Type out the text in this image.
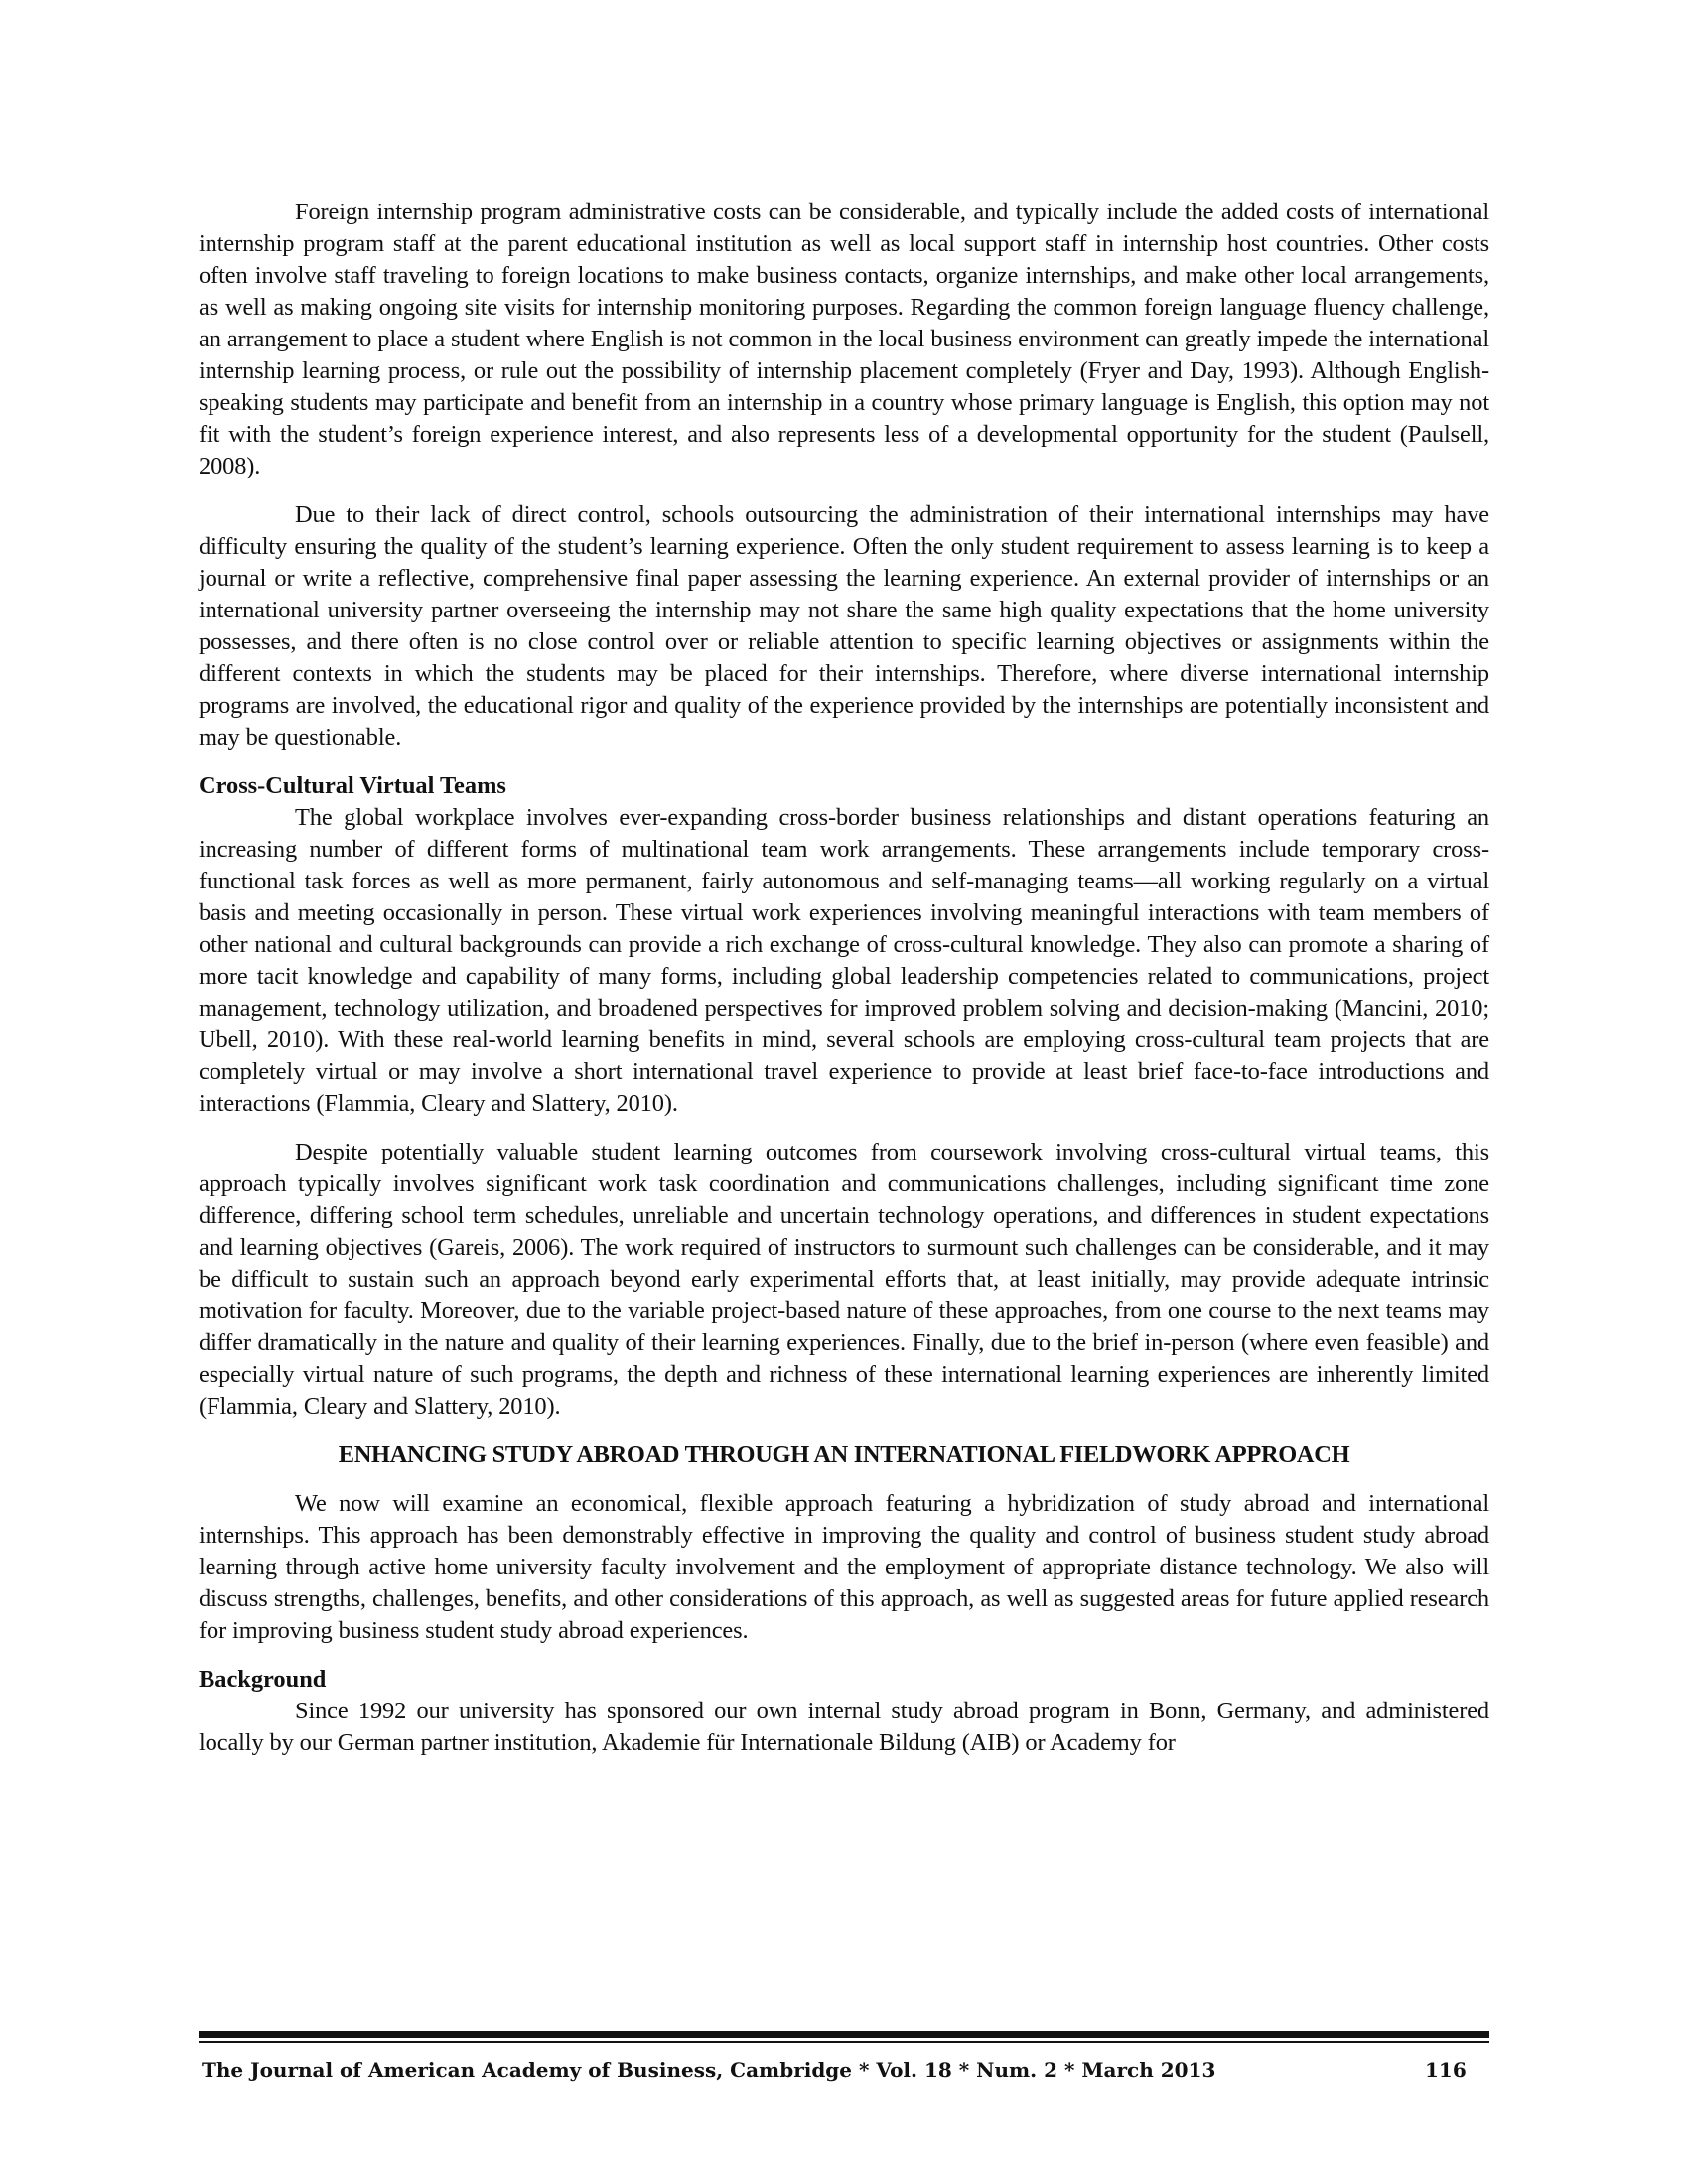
Foreign internship program administrative costs can be considerable, and typically include the added costs of international internship program staff at the parent educational institution as well as local support staff in internship host countries. Other costs often involve staff traveling to foreign locations to make business contacts, organize internships, and make other local arrangements, as well as making ongoing site visits for internship monitoring purposes. Regarding the common foreign language fluency challenge, an arrangement to place a student where English is not common in the local business environment can greatly impede the international internship learning process, or rule out the possibility of internship placement completely (Fryer and Day, 1993). Although English-speaking students may participate and benefit from an internship in a country whose primary language is English, this option may not fit with the student’s foreign experience interest, and also represents less of a developmental opportunity for the student (Paulsell, 2008).

Due to their lack of direct control, schools outsourcing the administration of their international internships may have difficulty ensuring the quality of the student’s learning experience. Often the only student requirement to assess learning is to keep a journal or write a reflective, comprehensive final paper assessing the learning experience. An external provider of internships or an international university partner overseeing the internship may not share the same high quality expectations that the home university possesses, and there often is no close control over or reliable attention to specific learning objectives or assignments within the different contexts in which the students may be placed for their internships. Therefore, where diverse international internship programs are involved, the educational rigor and quality of the experience provided by the internships are potentially inconsistent and may be questionable.

Cross-Cultural Virtual Teams

The global workplace involves ever-expanding cross-border business relationships and distant operations featuring an increasing number of different forms of multinational team work arrangements. These arrangements include temporary cross-functional task forces as well as more permanent, fairly autonomous and self-managing teams—all working regularly on a virtual basis and meeting occasionally in person. These virtual work experiences involving meaningful interactions with team members of other national and cultural backgrounds can provide a rich exchange of cross-cultural knowledge. They also can promote a sharing of more tacit knowledge and capability of many forms, including global leadership competencies related to communications, project management, technology utilization, and broadened perspectives for improved problem solving and decision-making (Mancini, 2010; Ubell, 2010). With these real-world learning benefits in mind, several schools are employing cross-cultural team projects that are completely virtual or may involve a short international travel experience to provide at least brief face-to-face introductions and interactions (Flammia, Cleary and Slattery, 2010).

Despite potentially valuable student learning outcomes from coursework involving cross-cultural virtual teams, this approach typically involves significant work task coordination and communications challenges, including significant time zone difference, differing school term schedules, unreliable and uncertain technology operations, and differences in student expectations and learning objectives (Gareis, 2006). The work required of instructors to surmount such challenges can be considerable, and it may be difficult to sustain such an approach beyond early experimental efforts that, at least initially, may provide adequate intrinsic motivation for faculty. Moreover, due to the variable project-based nature of these approaches, from one course to the next teams may differ dramatically in the nature and quality of their learning experiences. Finally, due to the brief in-person (where even feasible) and especially virtual nature of such programs, the depth and richness of these international learning experiences are inherently limited (Flammia, Cleary and Slattery, 2010).

ENHANCING STUDY ABROAD THROUGH AN INTERNATIONAL FIELDWORK APPROACH

We now will examine an economical, flexible approach featuring a hybridization of study abroad and international internships. This approach has been demonstrably effective in improving the quality and control of business student study abroad learning through active home university faculty involvement and the employment of appropriate distance technology. We also will discuss strengths, challenges, benefits, and other considerations of this approach, as well as suggested areas for future applied research for improving business student study abroad experiences.

Background

Since 1992 our university has sponsored our own internal study abroad program in Bonn, Germany, and administered locally by our German partner institution, Akademie für Internationale Bildung (AIB) or Academy for

The Journal of American Academy of Business, Cambridge * Vol. 18 * Num. 2 * March 2013	116
